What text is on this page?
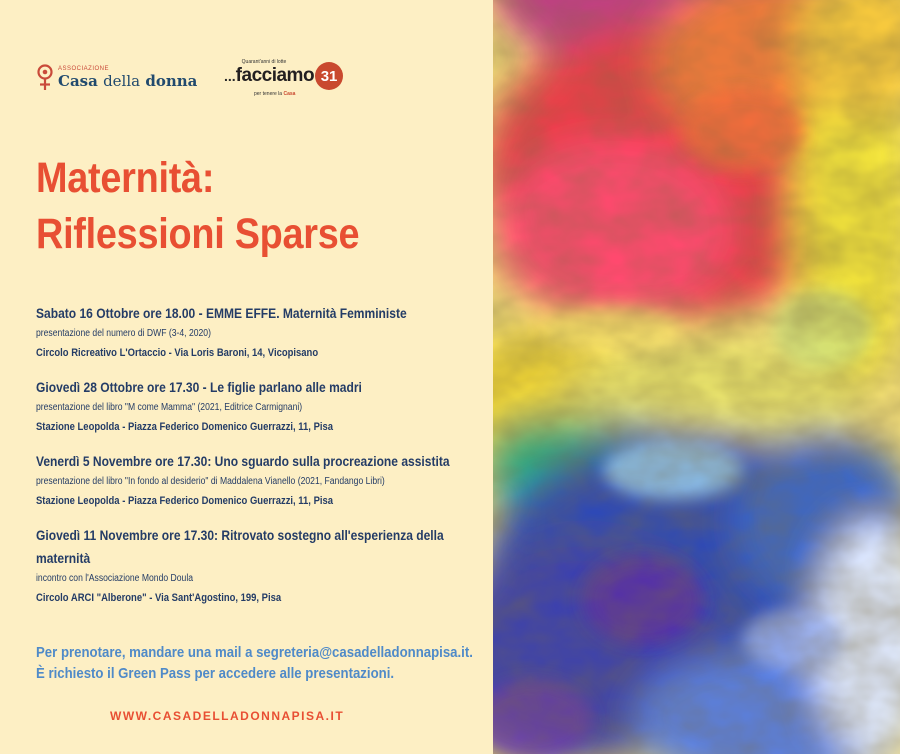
ASSOCIAZIONE
Casa della donna ...
Quarant'anni di lotte
facciamo 31
per tenere la Casa
Maternità:
Riflessioni Sparse
Sabato 16 Ottobre ore 18.00 - EMME EFFE. Maternità Femministe
presentazione del numero di DWF (3-4, 2020)
Circolo Ricreativo L'Ortaccio - Via Loris Baroni, 14, Vicopisano
Giovedì 28 Ottobre ore 17.30 - Le figlie parlano alle madri
presentazione del libro "M come Mamma" (2021, Editrice Carmignani)
Stazione Leopolda - Piazza Federico Domenico Guerrazzi, 11, Pisa
Venerdì 5 Novembre ore 17.30: Uno sguardo sulla procreazione assistita
presentazione del libro "In fondo al desiderio" di Maddalena Vianello (2021, Fandango Libri)
Stazione Leopolda - Piazza Federico Domenico Guerrazzi, 11, Pisa
Giovedì 11 Novembre ore 17.30: Ritrovato sostegno all'esperienza della maternità
incontro con l'Associazione Mondo Doula
Circolo ARCI "Alberone" - Via Sant'Agostino, 199, Pisa
Per prenotare, mandare una mail a segreteria@casadelladonnapisa.it.
È richiesto il Green Pass per accedere alle presentazioni.
WWW.CASADELLADONNAPISA.IT
